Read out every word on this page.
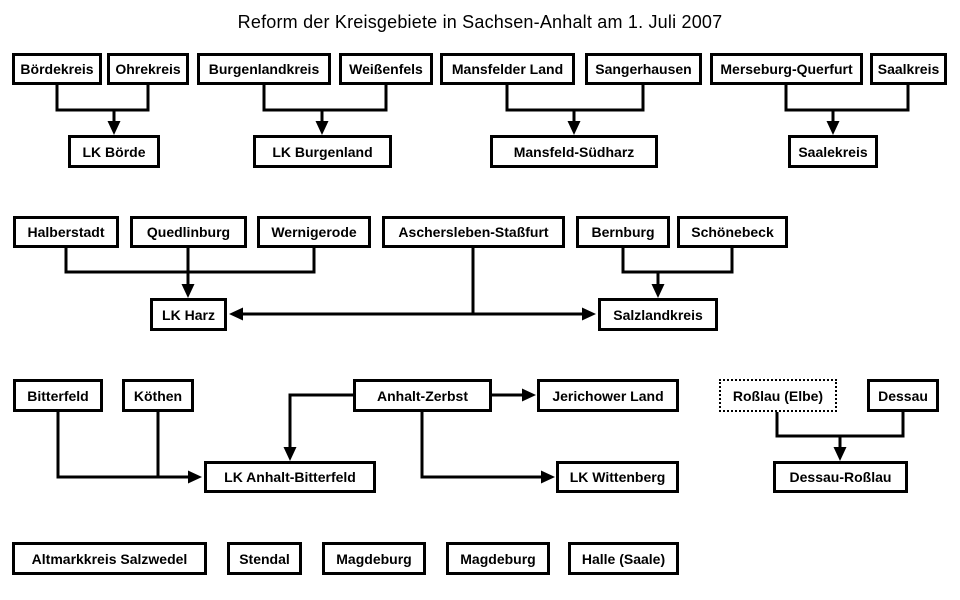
Reform der Kreisgebiete in Sachsen-Anhalt am 1. Juli 2007
Bördekreis	Ohrekreis	Burgenlandkreis	Weißenfels	Mansfelder Land	Sangerhausen	Merseburg-Querfurt	Saalkreis
LK Börde	LK Burgenland	Mansfeld-Südharz	Saalekreis
Halberstadt	Quedlinburg	Wernigerode	Aschersleben-Staßfurt	Bernburg	Schönebeck
LK Harz	Salzlandkreis
Bitterfeld	Köthen	Anhalt-Zerbst	Jerichower Land	Roßlau (Elbe)	Dessau
LK Anhalt-Bitterfeld	LK Wittenberg	Dessau-Roßlau
Altmarkkreis Salzwedel	Stendal	Magdeburg	Magdeburg	Halle (Saale)
